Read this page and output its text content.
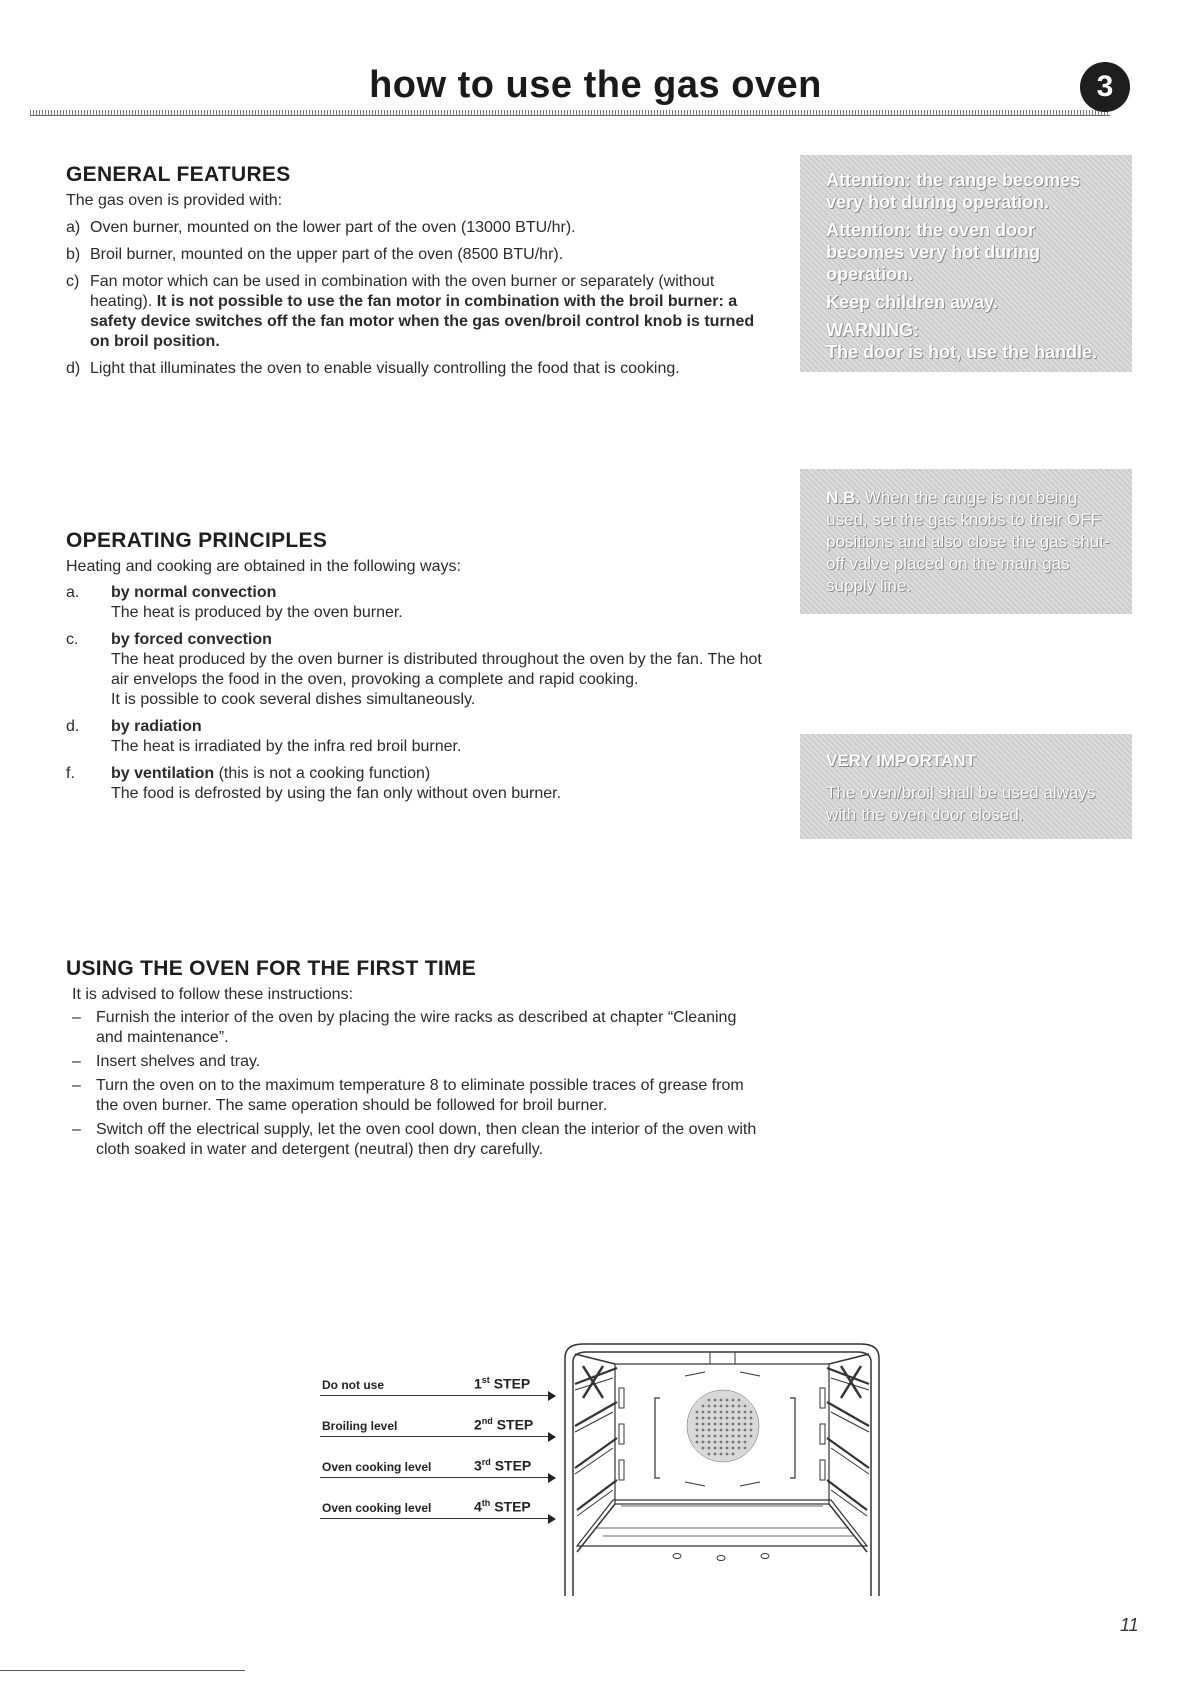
how to use the gas oven	3
GENERAL FEATURES

The gas oven is provided with:

a) Oven burner, mounted on the lower part of the oven (13000 BTU/hr).
b) Broil burner, mounted on the upper part of the oven (8500 BTU/hr).
c) Fan motor which can be used in combination with the oven burner or separately (without heating). It is not possible to use the fan motor in combination with the broil burner: a safety device switches off the fan motor when the gas oven/broil control knob is turned on broil position.
d) Light that illuminates the oven to enable visually controlling the food that is cooking.
OPERATING PRINCIPLES

Heating and cooking are obtained in the following ways:

a. by normal convection
The heat is produced by the oven burner.
c. by forced convection
The heat produced by the oven burner is distributed throughout the oven by the fan. The hot air envelops the food in the oven, provoking a complete and rapid cooking.
It is possible to cook several dishes simultaneously.
d. by radiation
The heat is irradiated by the infra red broil burner.
f. by ventilation (this is not a cooking function)
The food is defrosted by using the fan only without oven burner.
USING THE OVEN FOR THE FIRST TIME

It is advised to follow these instructions:

– Furnish the interior of the oven by placing the wire racks as described at chapter “Cleaning and maintenance”.
– Insert shelves and tray.
– Turn the oven on to the maximum temperature 8 to eliminate possible traces of grease from the oven burner. The same operation should be followed for broil burner.
– Switch off the electrical supply, let the oven cool down, then clean the interior of the oven with cloth soaked in water and detergent (neutral) then dry carefully.

Attention: the range becomes very hot during operation.

Attention: the oven door becomes very hot during operation.

Keep children away.

WARNING:

The door is hot, use the handle.

N.B. When the range is not being used, set the gas knobs to their OFF positions and also close the gas shut-off valve placed on the main gas supply line.

VERY IMPORTANT

The oven/broil shall be used always with the oven door closed.

Do not use	1st STEP
Broiling level	2nd STEP
Oven cooking level	3rd STEP
Oven cooking level	4th STEP
11
